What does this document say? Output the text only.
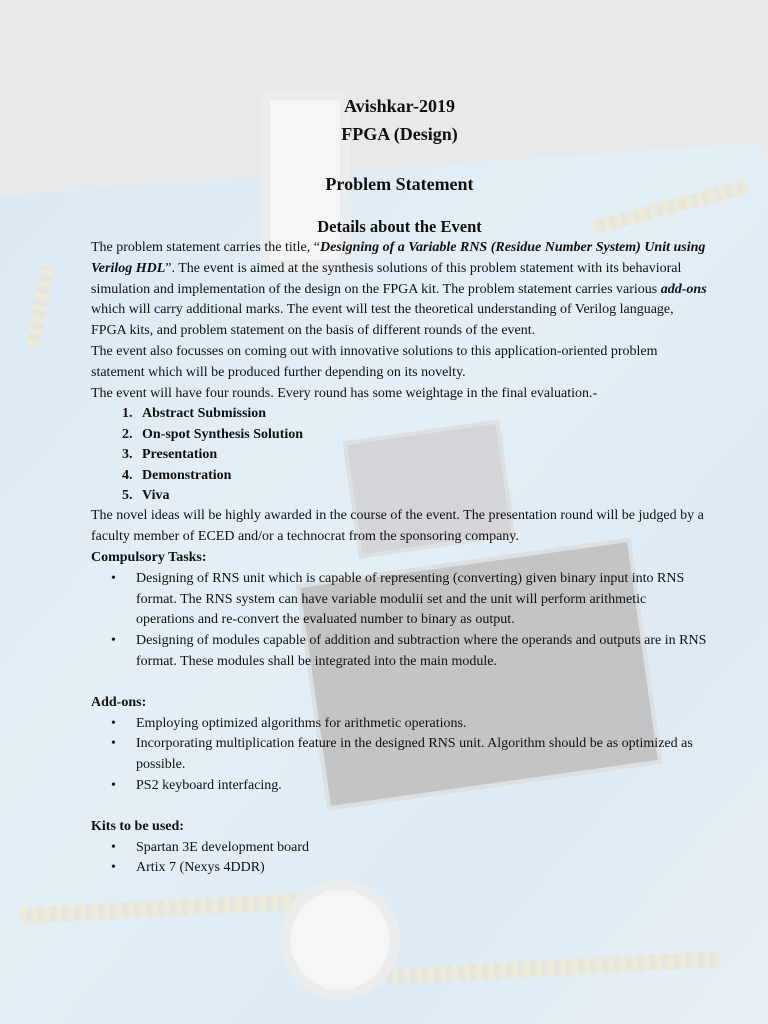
Avishkar-2019
FPGA (Design)
Problem Statement
Details about the Event

The problem statement carries the title, “Designing of a Variable RNS (Residue Number System) Unit using Verilog HDL”. The event is aimed at the synthesis solutions of this problem statement with its behavioral simulation and implementation of the design on the FPGA kit. The problem statement carries various add-ons which will carry additional marks. The event will test the theoretical understanding of Verilog language, FPGA kits, and problem statement on the basis of different rounds of the event.

The event also focusses on coming out with innovative solutions to this application-oriented problem statement which will be produced further depending on its novelty.

The event will have four rounds. Every round has some weightage in the final evaluation.-

1. Abstract Submission
2. On-spot Synthesis Solution
3. Presentation
4. Demonstration
5. Viva

The novel ideas will be highly awarded in the course of the event. The presentation round will be judged by a faculty member of ECED and/or a technocrat from the sponsoring company.

Compulsory Tasks:

• Designing of RNS unit which is capable of representing (converting) given binary input into RNS format. The RNS system can have variable modulii set and the unit will perform arithmetic operations and re-convert the evaluated number to binary as output.
• Designing of modules capable of addition and subtraction where the operands and outputs are in RNS format. These modules shall be integrated into the main module.

Add-ons:

• Employing optimized algorithms for arithmetic operations.
• Incorporating multiplication feature in the designed RNS unit. Algorithm should be as optimized as possible.
• PS2 keyboard interfacing.

Kits to be used:

• Spartan 3E development board
• Artix 7 (Nexys 4DDR)
